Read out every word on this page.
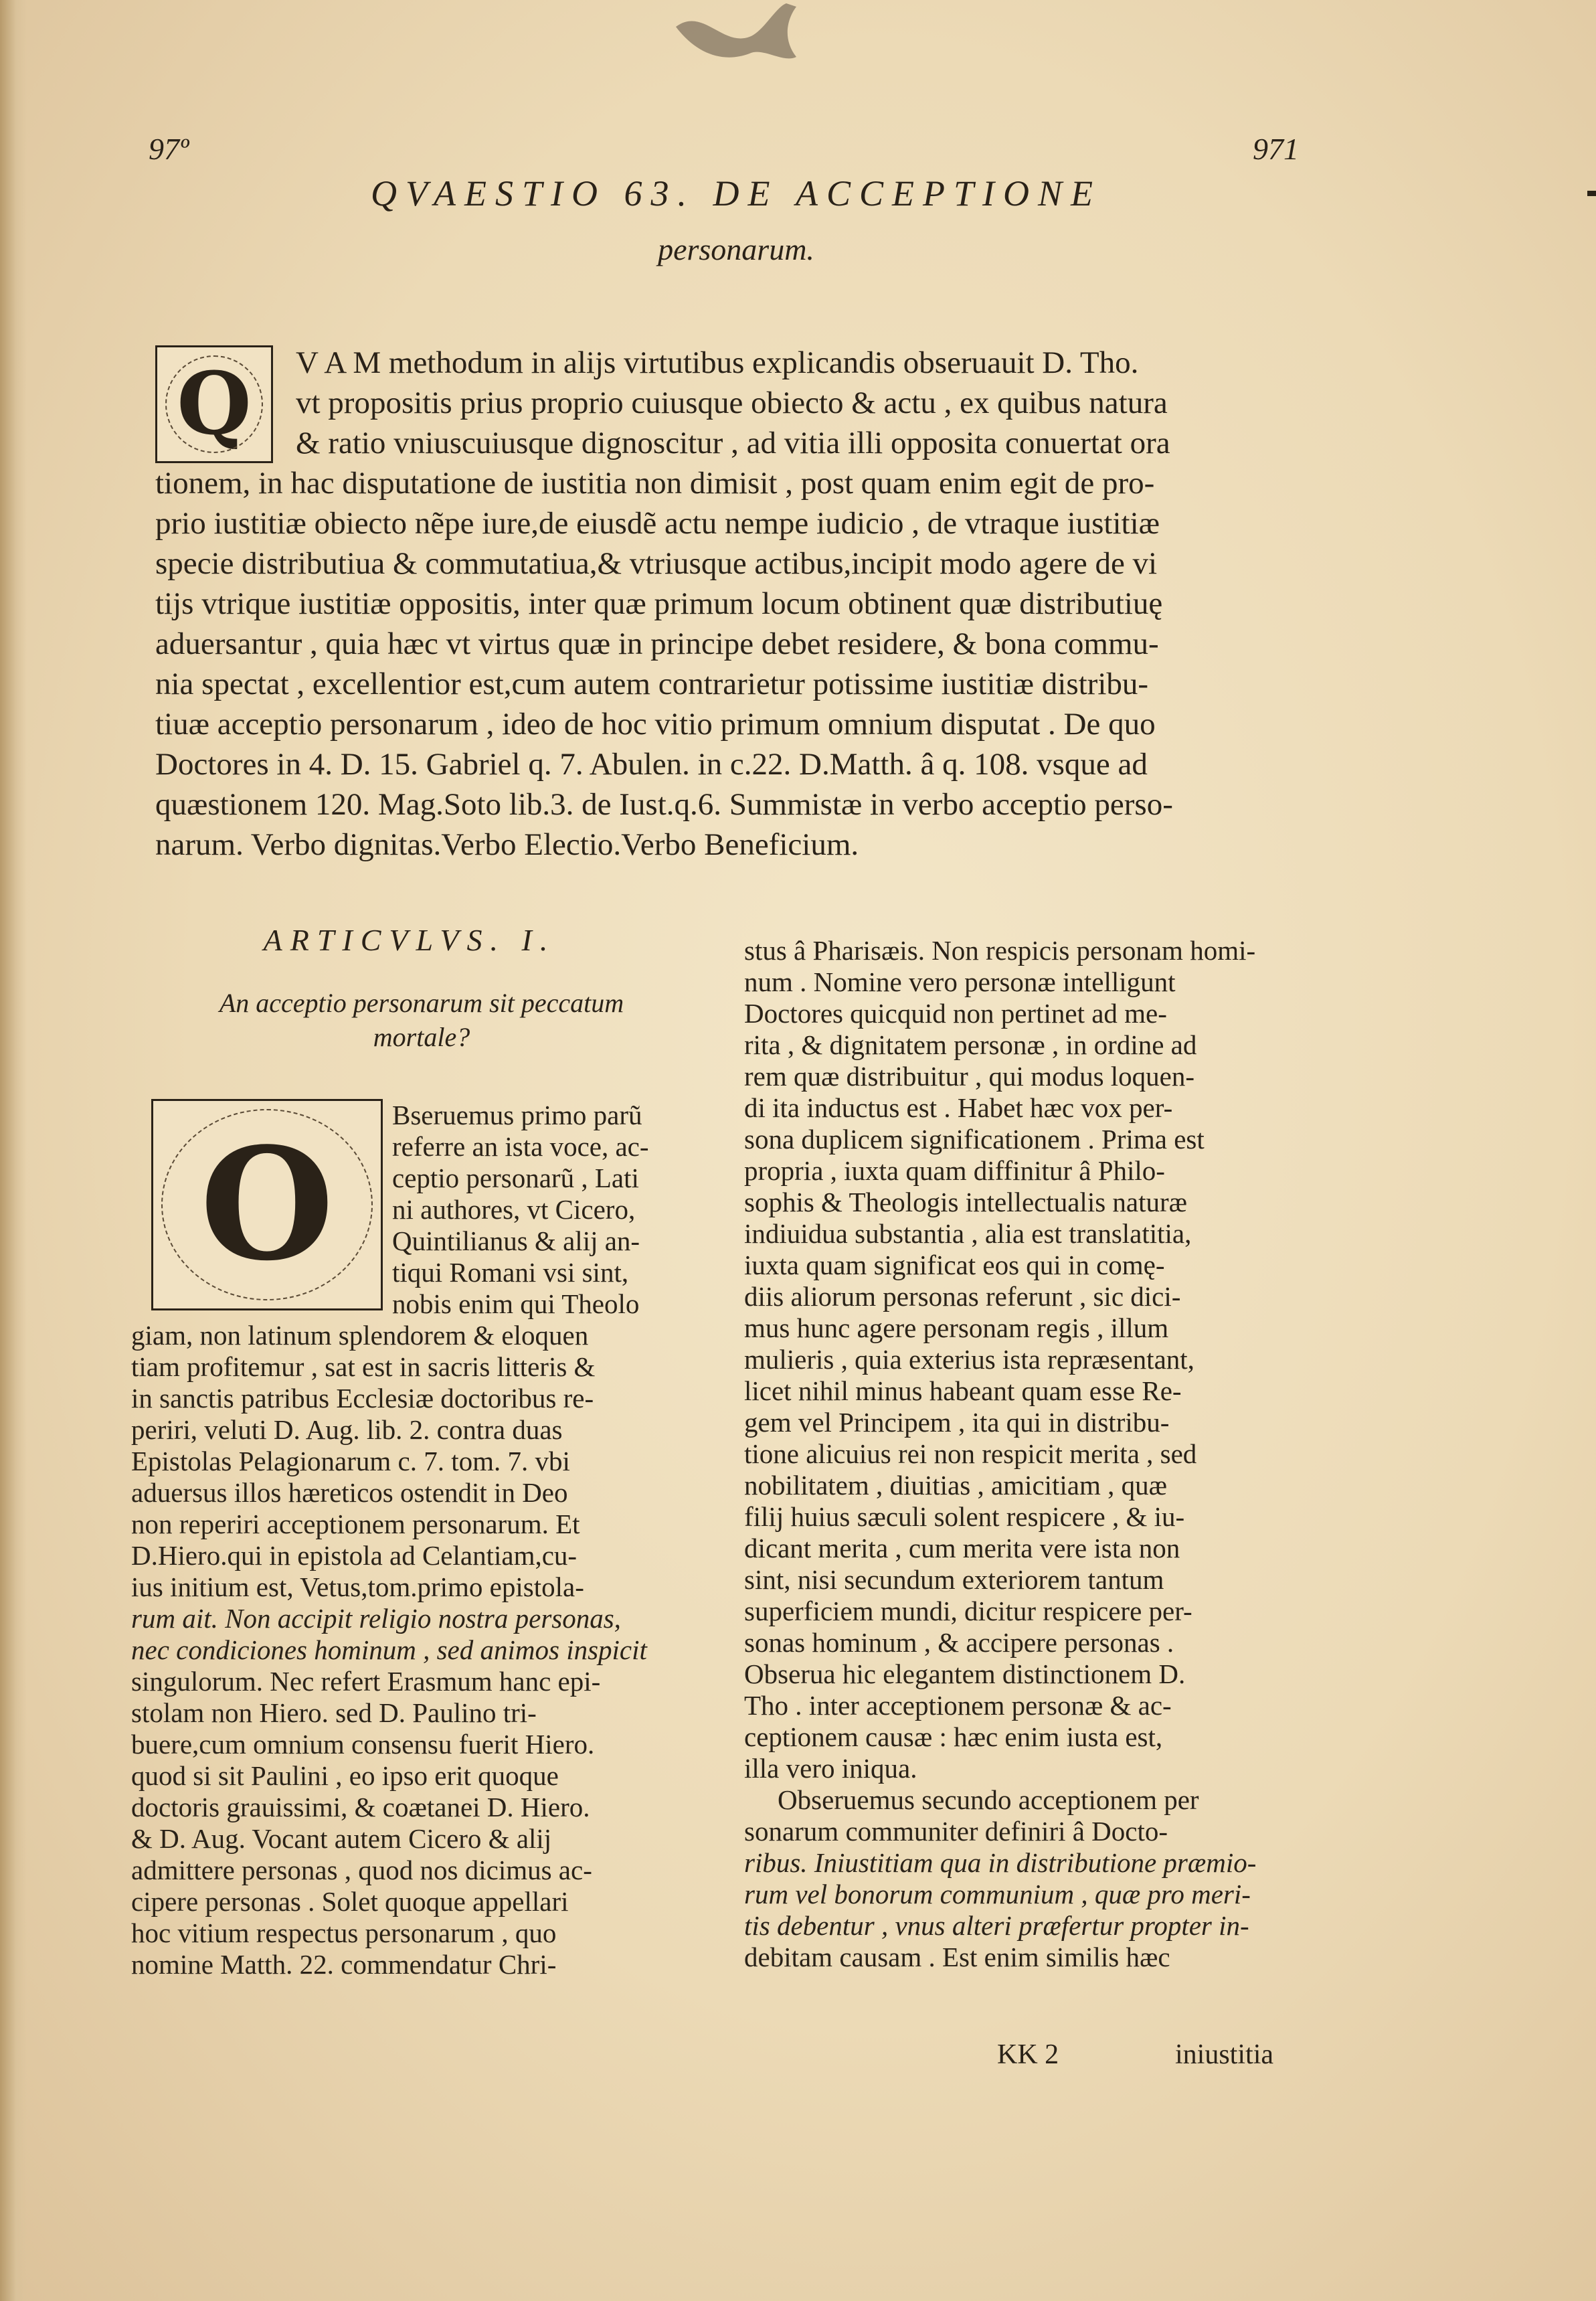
97º	971
QVAESTIO 63. DE ACCEPTIONE
personarum.
Q V A M methodum in alijs virtutibus explicandis obseruauit D. Tho.
vt propositis prius proprio cuiusque obiecto & actu , ex quibus natura
& ratio vniuscuiusque dignoscitur , ad vitia illi opposita conuertat ora
tionem, in hac disputatione de iustitia non dimisit , post quam enim egit de pro-
prio iustitiæ obiecto nẽpe iure,de eiusdẽ actu nempe iudicio , de vtraque iustitiæ
specie distributiua & commutatiua,& vtriusque actibus,incipit modo agere de vi
tijs vtrique iustitiæ oppositis, inter quæ primum locum obtinent quæ distributiuę
aduersantur , quia hæc vt virtus quæ in principe debet residere, & bona commu-
nia spectat , excellentior est,cum autem contrarietur potissime iustitiæ distribu-
tiuæ acceptio personarum , ideo de hoc vitio primum omnium disputat . De quo
Doctores in 4. D. 15. Gabriel q. 7. Abulen. in c.22. D.Matth. â q. 108. vsque ad
quæstionem 120. Mag.Soto lib.3. de Iust.q.6. Summistæ in verbo acceptio perso-
narum. Verbo dignitas.Verbo Electio.Verbo Beneficium.
ARTICVLVS. I.
An acceptio personarum sit peccatum
mortale?
O Bseruemus primo parũ
referre an ista voce, ac-
ceptio personarũ , Lati
ni authores, vt Cicero,
Quintilianus & alij an-
tiqui Romani vsi sint,
nobis enim qui Theolo
giam, non latinum splendorem & eloquen
tiam profitemur , sat est in sacris litteris &
in sanctis patribus Ecclesiæ doctoribus re-
periri, veluti D. Aug. lib. 2. contra duas
Epistolas Pelagionarum c. 7. tom. 7. vbi
aduersus illos hæreticos ostendit in Deo
non reperiri acceptionem personarum. Et
D.Hiero.qui in epistola ad Celantiam,cu-
ius initium est, Vetus,tom.primo epistola-
rum ait. Non accipit religio nostra personas,
nec condiciones hominum , sed animos inspicit
singulorum. Nec refert Erasmum hanc epi-
stolam non Hiero. sed D. Paulino tri-
buere,cum omnium consensu fuerit Hiero.
quod si sit Paulini , eo ipso erit quoque
doctoris grauissimi, & coætanei D. Hiero.
& D. Aug. Vocant autem Cicero & alij
admittere personas , quod nos dicimus ac-
cipere personas . Solet quoque appellari
hoc vitium respectus personarum , quo
nomine Matth. 22. commendatur Chri-
stus â Pharisæis. Non respicis personam homi-
num . Nomine vero personæ intelligunt
Doctores quicquid non pertinet ad me-
rita , & dignitatem personæ , in ordine ad
rem quæ distribuitur , qui modus loquen-
di ita inductus est . Habet hæc vox per-
sona duplicem significationem . Prima est
propria , iuxta quam diffinitur â Philo-
sophis & Theologis intellectualis naturæ
indiuidua substantia , alia est translatitia,
iuxta quam significat eos qui in comę-
diis aliorum personas referunt , sic dici-
mus hunc agere personam regis , illum
mulieris , quia exterius ista repræsentant,
licet nihil minus habeant quam esse Re-
gem vel Principem , ita qui in distribu-
tione alicuius rei non respicit merita , sed
nobilitatem , diuitias , amicitiam , quæ
filij huius sæculi solent respicere , & iu-
dicant merita , cum merita vere ista non
sint, nisi secundum exteriorem tantum
superficiem mundi, dicitur respicere per-
sonas hominum , & accipere personas .
Obserua hic elegantem distinctionem D.
Tho . inter acceptionem personæ & ac-
ceptionem causæ : hæc enim iusta est,
illa vero iniqua.
Obseruemus secundo acceptionem per
sonarum communiter definiri â Docto-
ribus. Iniustitiam qua in distributione præmio-
rum vel bonorum communium , quæ pro meri-
tis debentur , vnus alteri præfertur propter in-
debitam causam . Est enim similis hæc
KK 2	iniustitia
